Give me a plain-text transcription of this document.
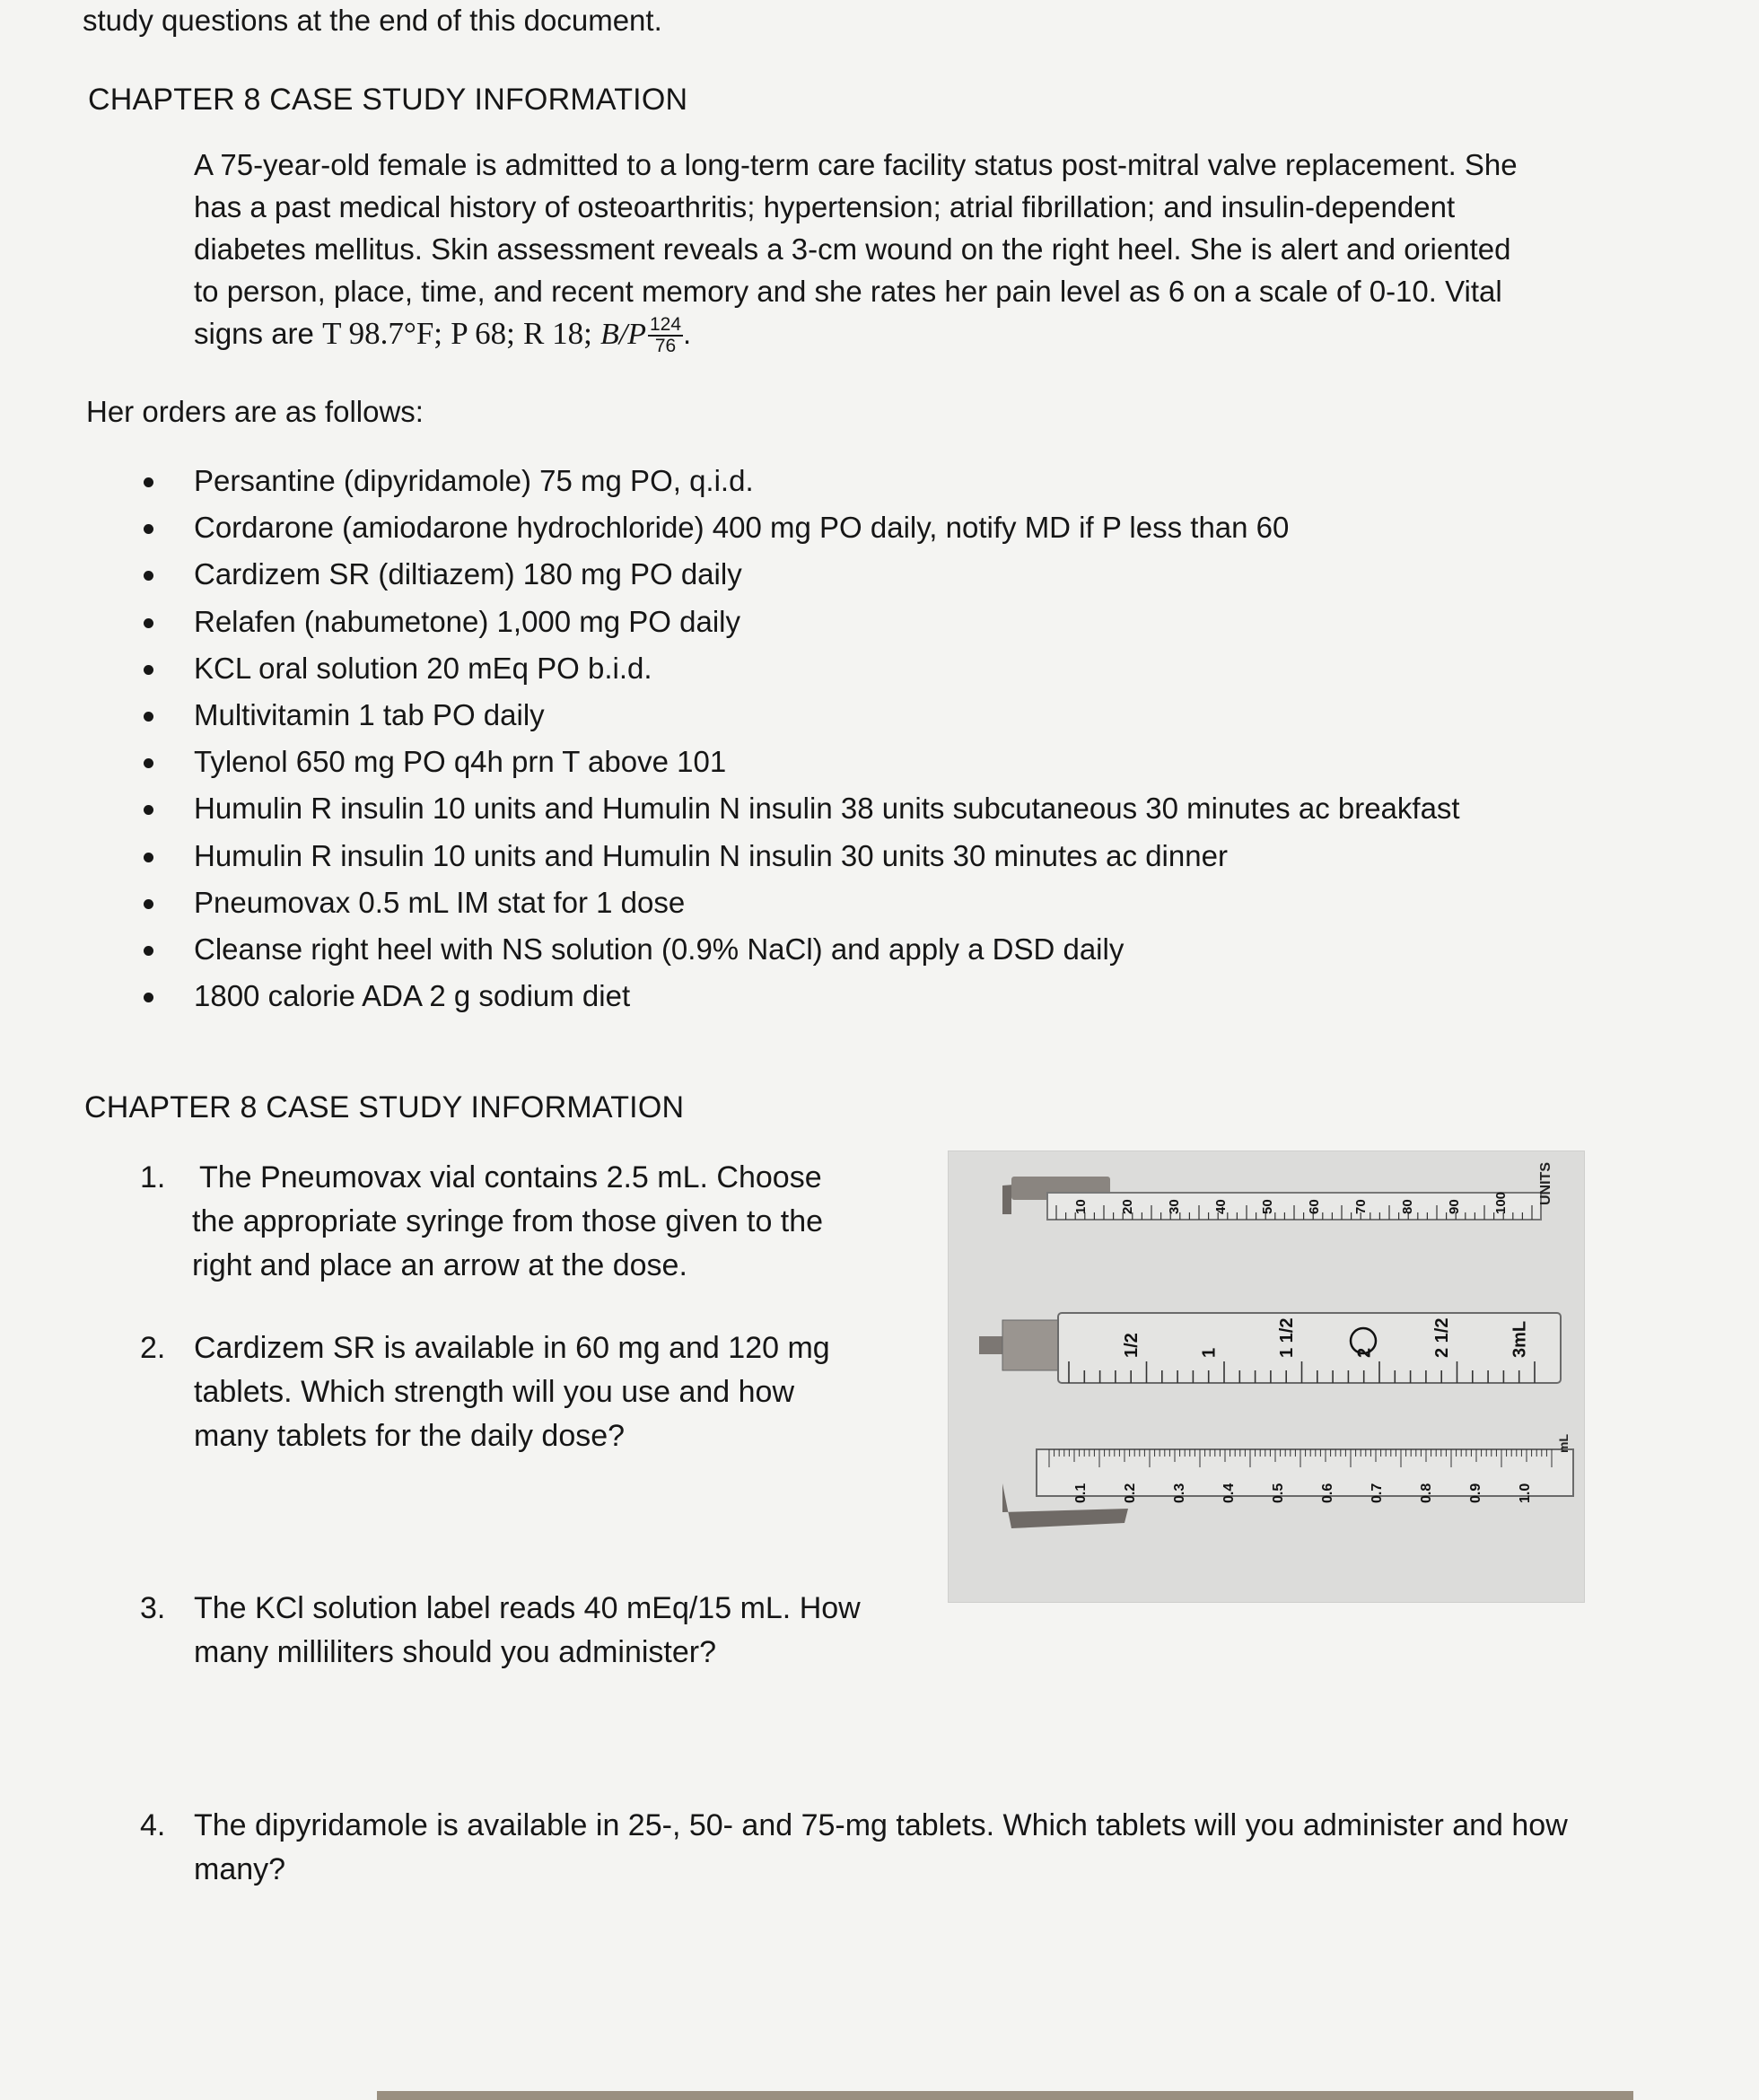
study questions at the end of this document.
CHAPTER 8 CASE STUDY INFORMATION

A 75-year-old female is admitted to a long-term care facility status post-mitral valve replacement. She

has a past medical history of osteoarthritis; hypertension; atrial fibrillation; and insulin-dependent

diabetes mellitus. Skin assessment reveals a 3-cm wound on the right heel. She is alert and oriented

to person, place, time, and recent memory and she rates her pain level as 6 on a scale of 0-10. Vital

signs are T 98.7°F; P 68; R 18; $B/P \frac{124}{76}$ .

Her orders are as follows:
Persantine (dipyridamole) 75 mg PO, q.i.d.
Cordarone (amiodarone hydrochloride) 400 mg PO daily, notify MD if P less than 60
Cardizem SR (diltiazem) 180 mg PO daily
Relafen (nabumetone) 1,000 mg PO daily
KCL oral solution 20 mEq PO b.i.d.
Multivitamin 1 tab PO daily
Tylenol 650 mg PO q4h prn T above 101
Humulin R insulin 10 units and Humulin N insulin 38 units subcutaneous 30 minutes ac breakfast
Humulin R insulin 10 units and Humulin N insulin 30 units 30 minutes ac dinner
Pneumovax 0.5 mL IM stat for 1 dose
Cleanse right heel with NS solution (0.9% NaCl) and apply a DSD daily
1800 calorie ADA 2 g sodium diet
CHAPTER 8 CASE STUDY INFORMATION
1.	The Pneumovax vial contains 2.5 mL. Choose
the appropriate syringe from those given to the
right and place an arrow at the dose.
2. Cardizem SR is available in 60 mg and 120 mg
tablets. Which strength will you use and how
many tablets for the daily dose?
3. The KCl solution label reads 40 mEq/15 mL. How
many milliliters should you administer?
4. The dipyridamole is available in 25-, 50- and 75-mg tablets. Which tablets will you administer and how
many?
10 20 30 40 50 60 70 80 90 100 UNITS
1/2	1	1 1/2	2	2 1/2	3mL
0.1 0.2 0.3 0.4 0.5 0.6 0.7 0.8 0.9 1.0
mL
